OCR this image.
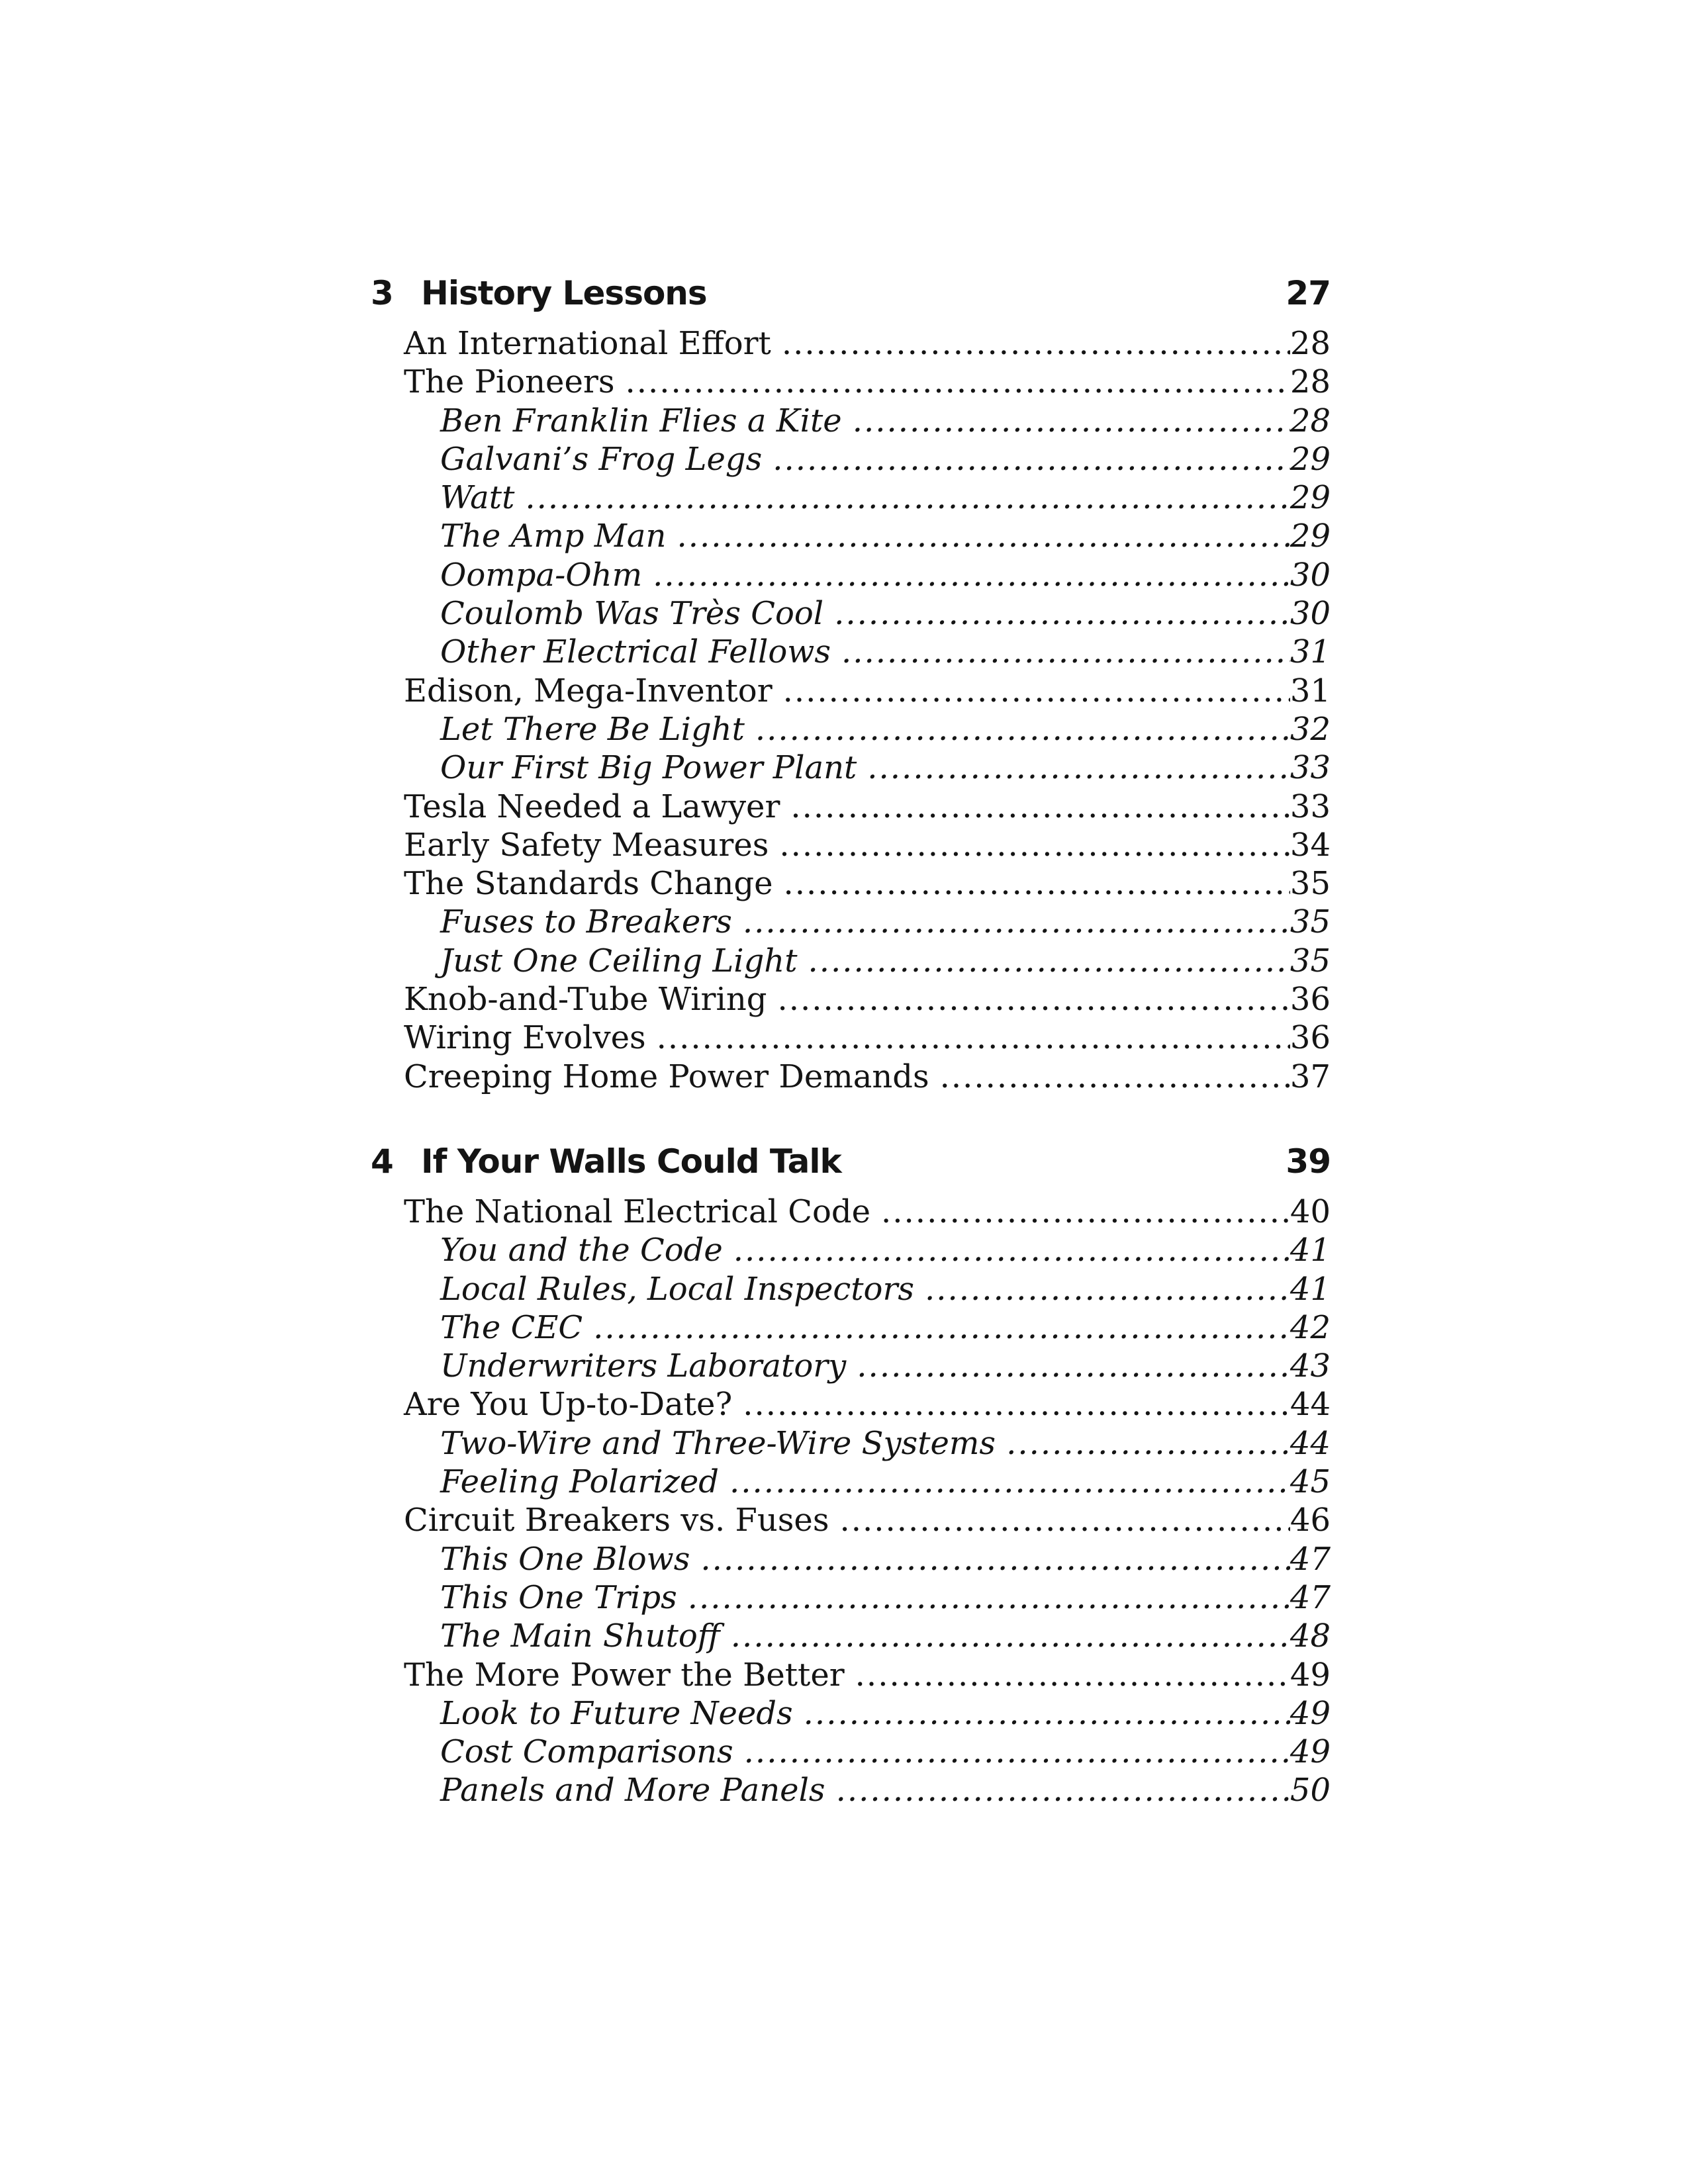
3 History Lessons	27
An International Effort .....	28
The Pioneers .....	28
Ben Franklin Flies a Kite .....	28
Galvani’s Frog Legs .....	29
Watt .....	29
The Amp Man .....	29
Oompa-Ohm .....	30
Coulomb Was Très Cool .....	30
Other Electrical Fellows .....	31
Edison, Mega-Inventor .....	31
Let There Be Light .....	32
Our First Big Power Plant .....	33
Tesla Needed a Lawyer .....	33
Early Safety Measures .....	34
The Standards Change .....	35
Fuses to Breakers .....	35
Just One Ceiling Light .....	35
Knob-and-Tube Wiring .....	36
Wiring Evolves .....	36
Creeping Home Power Demands .....	37
4 If Your Walls Could Talk	39
The National Electrical Code .....	40
You and the Code .....	41
Local Rules, Local Inspectors .....	41
The CEC .....	42
Underwriters Laboratory .....	43
Are You Up-to-Date? .....	44
Two-Wire and Three-Wire Systems .....	44
Feeling Polarized .....	45
Circuit Breakers vs. Fuses .....	46
This One Blows .....	47
This One Trips .....	47
The Main Shutoff .....	48
The More Power the Better .....	49
Look to Future Needs .....	49
Cost Comparisons .....	49
Panels and More Panels .....	50
